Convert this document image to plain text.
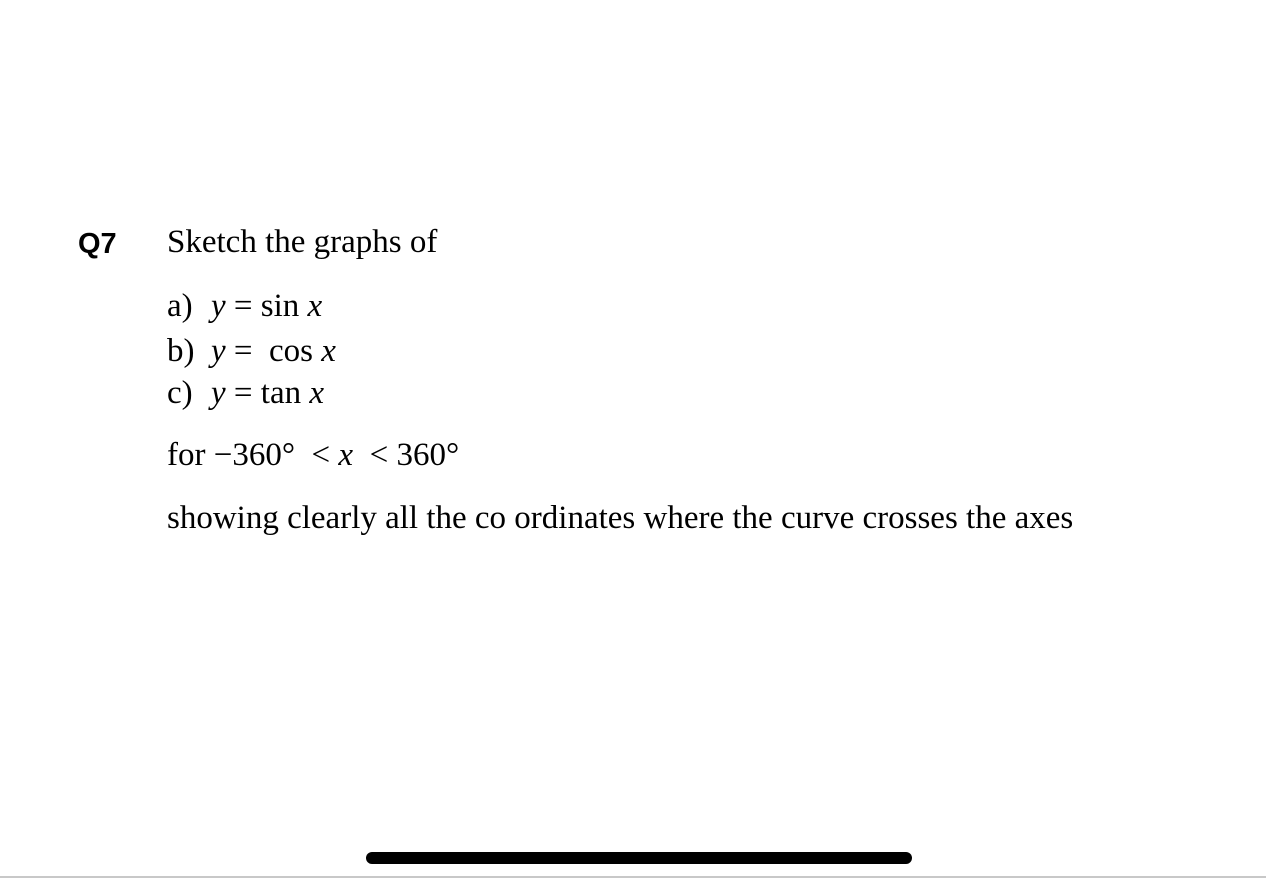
Q7 Sketch the graphs of
a) y = sin x
b) y = cos x
c) y = tan x
for −360° < x < 360°
showing clearly all the co ordinates where the curve crosses the axes
